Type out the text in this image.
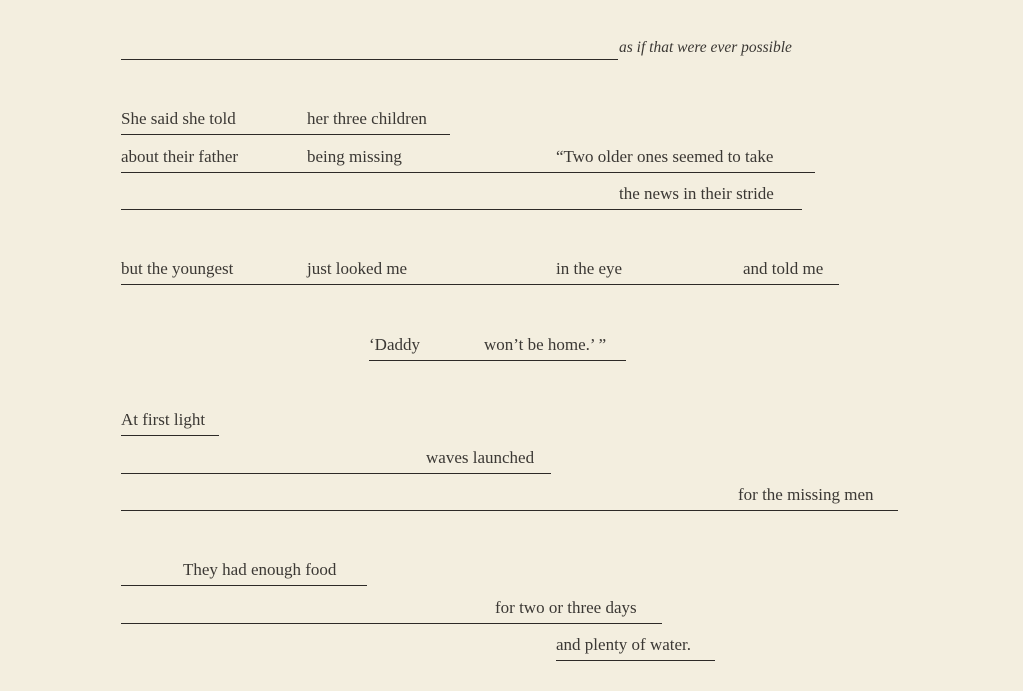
as if that were ever possible
She said she told	her three children
about their father	being missing	“Two older ones seemed to take
the news in their stride
but the youngest	just looked me	in the eye	and told me
‘Daddy	won’t be home.’ ”
At first light
waves launched
for the missing men
They had enough food
for two or three days
and plenty of water.
